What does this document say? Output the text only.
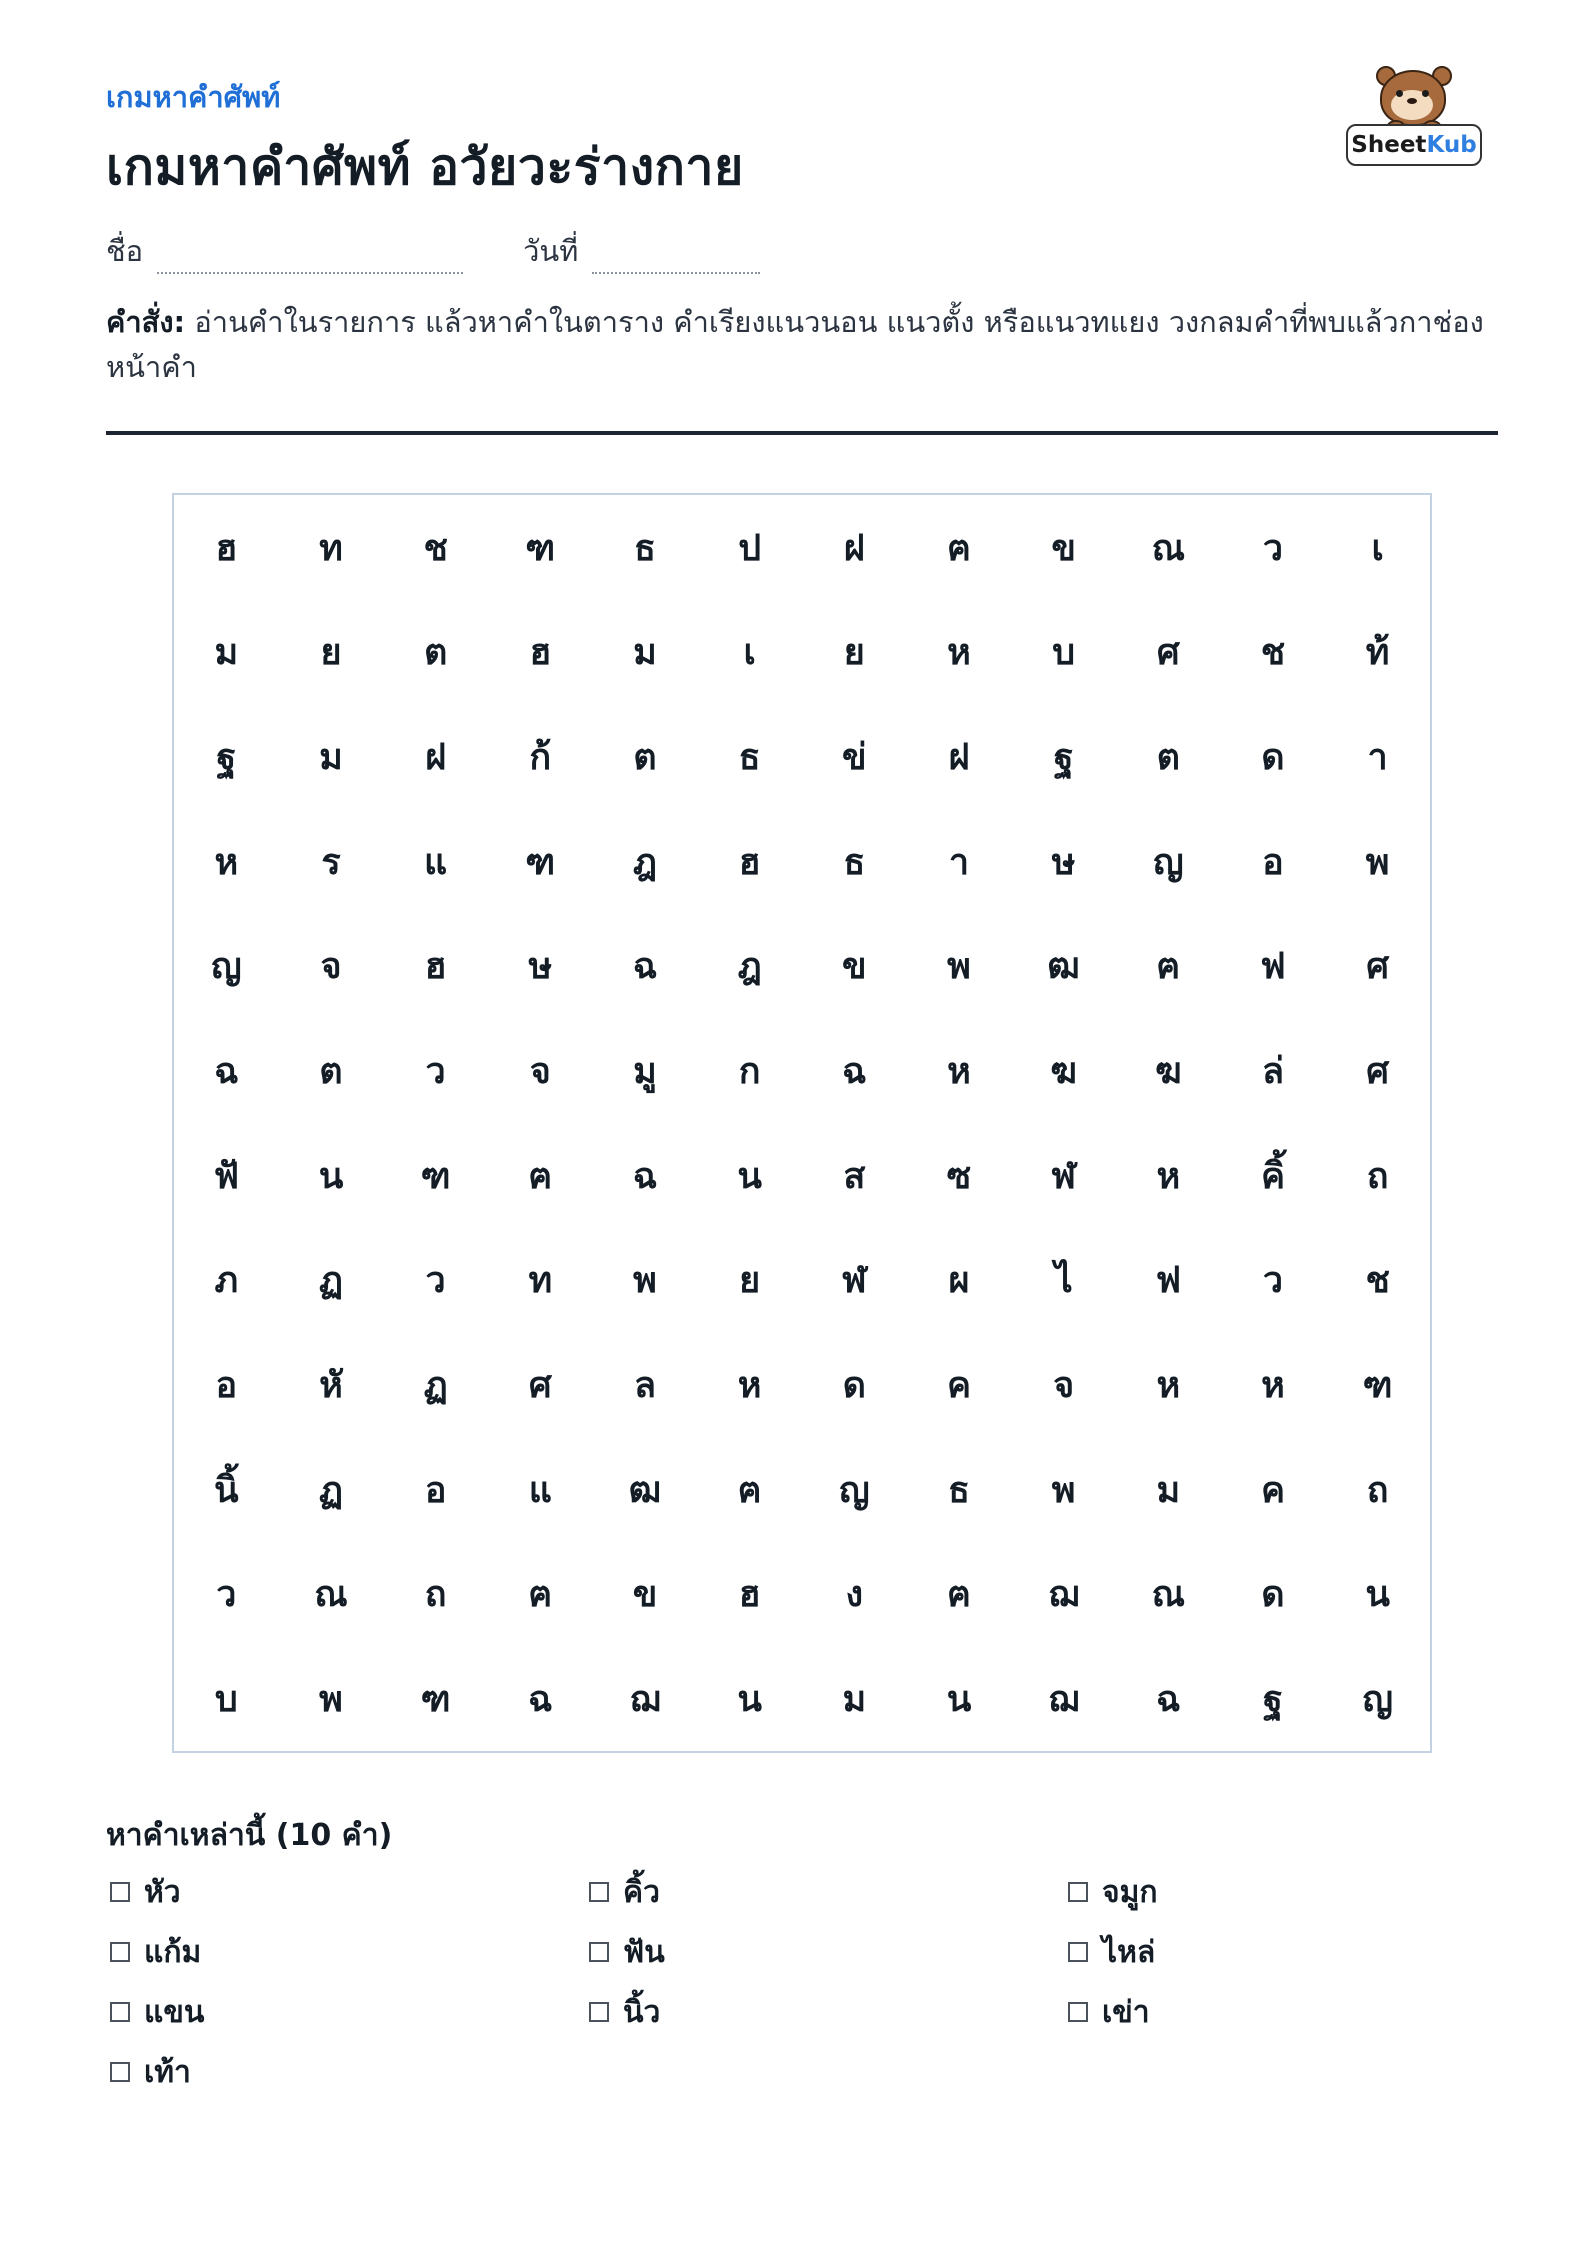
เกมหาคำศัพท์
เกมหาคำศัพท์ อวัยวะร่างกาย	SheetKub
ชื่อ	วันที่
คำสั่ง: อ่านคำในรายการ แล้วหาคำในตาราง คำเรียงแนวนอน แนวตั้ง หรือแนวทแยง วงกลมคำที่พบแล้วกาช่องหน้าคำ
ฮ	ท	ช	ฑ	ธ	ป	ฝ	ฅ	ข	ณ	ว	เ
ม	ย	ต	ฮ	ม	เ	ย	ห	บ	ศ	ช	ท้
ฐ	ม	ฝ	ก้	ต	ธ	ข่	ฝ	ฐ	ต	ด	า
ห	ร	แ	ฑ	ฎ	ฮ	ธ	า	ษ	ญ	อ	พ
ญ	จ	ฮ	ษ	ฉ	ฎ	ข	พ	ฒ	ฅ	ฟ	ศ
ฉ	ต	ว	จ	มู	ก	ฉ	ห	ฆ	ฆ	ล่	ศ
ฟั	น	ฑ	ฅ	ฉ	น	ส	ซ	ฬ	ห	คิ้	ถ
ภ	ฏ	ว	ท	พ	ย	ฬ	ผ	ไ	ฟ	ว	ช
อ	หั	ฏ	ศ	ล	ห	ด	ค	จ	ห	ห	ฑ
นิ้	ฏ	อ	แ	ฒ	ฅ	ญ	ธ	พ	ม	ค	ถ
ว	ณ	ถ	ฅ	ข	ฮ	ง	ฅ	ฌ	ณ	ด	น
บ	พ	ฑ	ฉ	ฌ	น	ม	น	ฌ	ฉ	ฐ	ญ
หาคำเหล่านี้ (10 คำ)
หัว	คิ้ว	จมูก
แก้ม	ฟัน	ไหล่
แขน	นิ้ว	เข่า
เท้า
